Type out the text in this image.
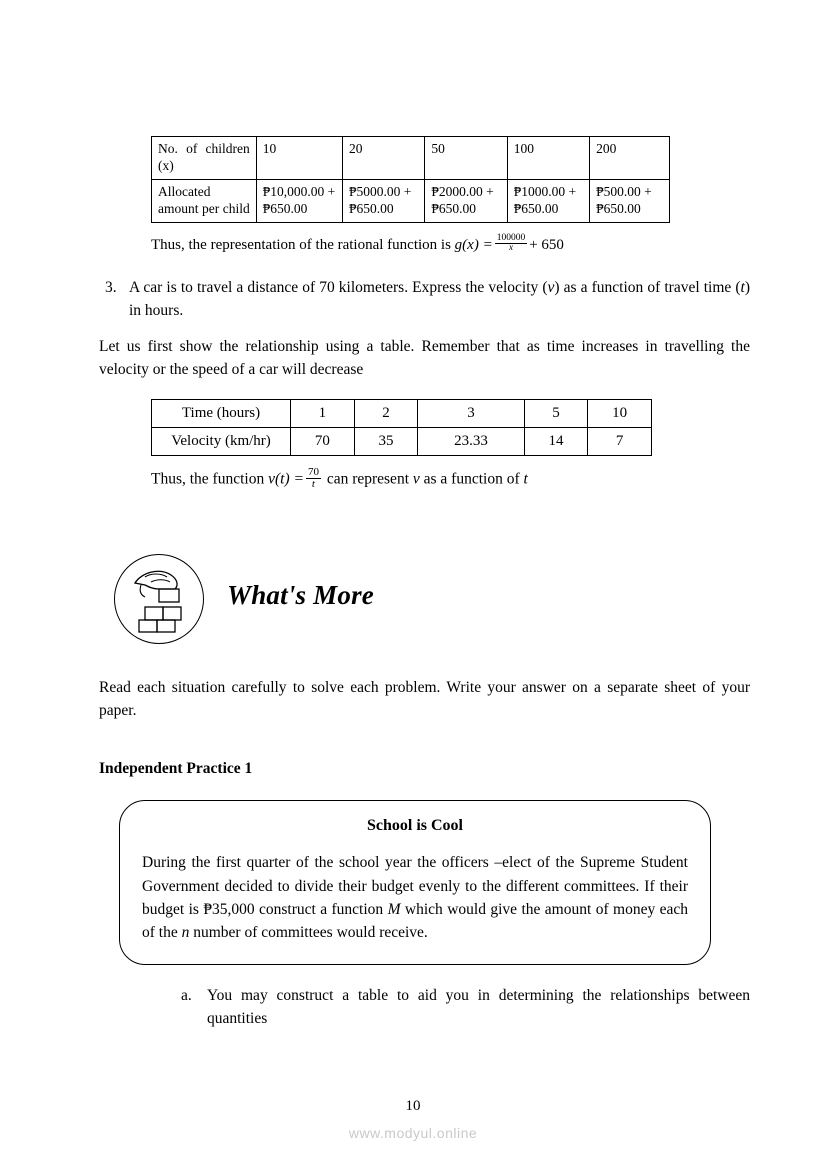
No. of children (x)	10	20	50	100	200
Allocated amount per child	₱10,000.00 +₱650.00	₱5000.00 +₱650.00	₱2000.00 +₱650.00	₱1000.00 +₱650.00	₱500.00 +₱650.00
Thus, the representation of the rational function is $g(x) = \frac{100000}{x} + 650$
3. A car is to travel a distance of 70 kilometers. Express the velocity (v) as a function of travel time (t) in hours.
Let us first show the relationship using a table. Remember that as time increases in travelling the velocity or the speed of a car will decrease
Time (hours)	1	2	3	5	10
Velocity (km/hr)	70	35	23.33	14	7
Thus, the function $v(t) = \frac{70}{t}$ can represent v as a function of t
What's More
Read each situation carefully to solve each problem. Write your answer on a separate sheet of your paper.
Independent Practice 1
School is Cool
During the first quarter of the school year the officers –elect of the Supreme Student Government decided to divide their budget evenly to the different committees. If their budget is ₱35,000 construct a function M which would give the amount of money each of the n number of committees would receive.
a. You may construct a table to aid you in determining the relationships between quantities
10
www.modyul.online
